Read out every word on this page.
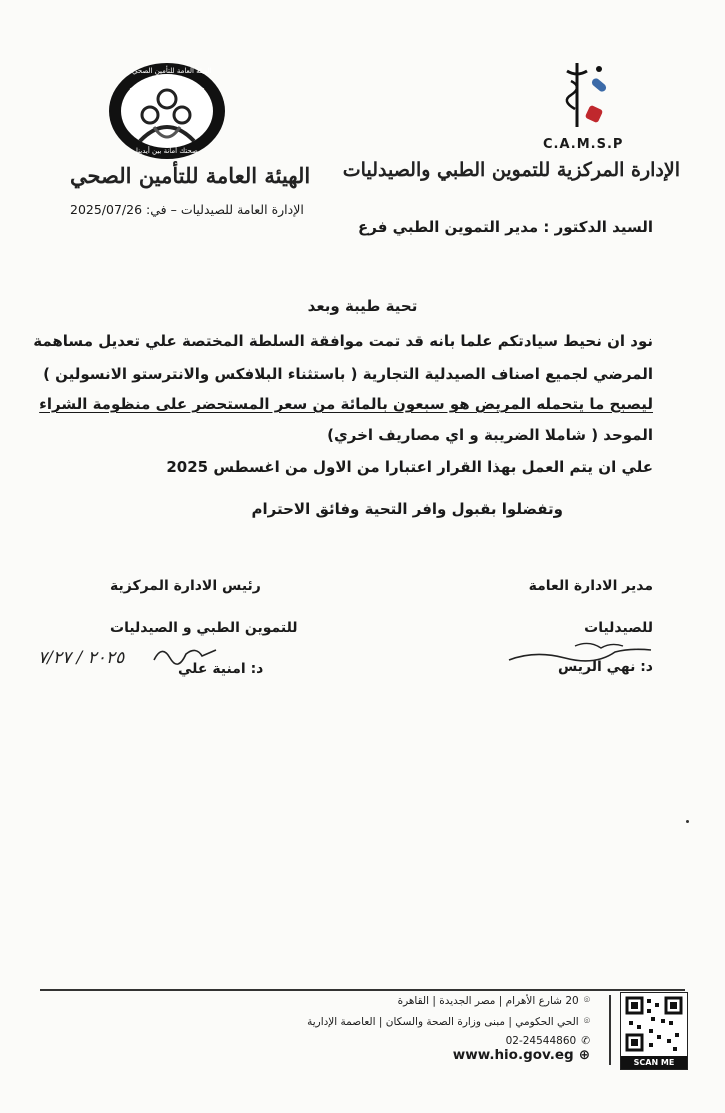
الهيئة العامة للتأمين الصحي
صحتك أمانة بين أيدينا
الهيئة العامة للتأمين الصحي
C.A.M.S.P
الإدارة المركزية للتموين الطبي والصيدليات
الإدارة العامة للصيدليات – في: 2025/07/26
السيد الدكتور : مدير التموين الطبي فرع
تحية طيبة وبعد
نود ان نحيط سيادتكم علما بانه قد تمت موافقة السلطة المختصة علي تعديل مساهمة
المرضي لجميع اصناف الصيدلية التجارية ( باستثناء البلافكس والانترستو الانسولين )
ليصبح ما يتحمله المريض هو سبعون بالمائة من سعر المستحضر على منظومة الشراء
الموحد ( شاملا الضريبة و اي مصاريف اخري)
علي ان يتم العمل بهذا القرار اعتبارا من الاول من اغسطس 2025
وتفضلوا بقبول وافر التحية وفائق الاحترام
رئيس الادارة المركزية
للتموين الطبي و الصيدليات
د: امنية علي
٢٠٢٥ / ٧/٢٧
مدير الادارة العامة
للصيدليات
د: نهي الريس
⌾
20 شارع الأهرام | مصر الجديدة | القاهرة
⌾
الحي الحكومي | مبنى وزارة الصحة والسكان | العاصمة الإدارية
02-24544860 ✆
www.hio.gov.eg ⊕	SCAN ME
